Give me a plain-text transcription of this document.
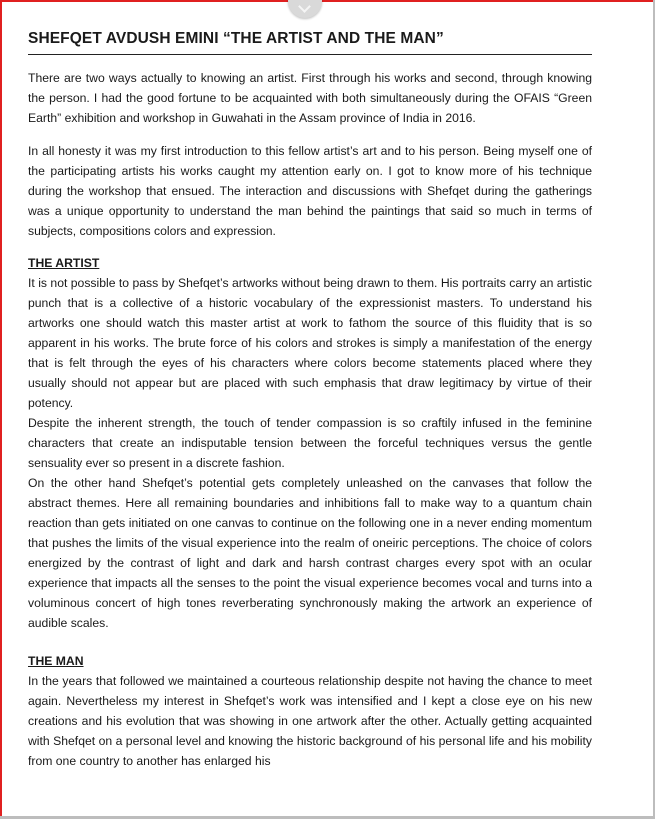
SHEFQET AVDUSH EMINI “THE ARTIST AND THE MAN”

There are two ways actually to knowing an artist. First through his works and second, through knowing the person. I had the good fortune to be acquainted with both simultaneously during the OFAIS “Green Earth” exhibition and workshop in Guwahati in the Assam province of India in 2016.

In all honesty it was my first introduction to this fellow artist’s art and to his person. Being myself one of the participating artists his works caught my attention early on. I got to know more of his technique during the workshop that ensued. The interaction and discussions with Shefqet during the gatherings was a unique opportunity to understand the man behind the paintings that said so much in terms of subjects, compositions colors and expression.

THE ARTIST

It is not possible to pass by Shefqet’s artworks without being drawn to them. His portraits carry an artistic punch that is a collective of a historic vocabulary of the expressionist masters. To understand his artworks one should watch this master artist at work to fathom the source of this fluidity that is so apparent in his works. The brute force of his colors and strokes is simply a manifestation of the energy that is felt through the eyes of his characters where colors become statements placed where they usually should not appear but are placed with such emphasis that draw legitimacy by virtue of their potency.

Despite the inherent strength, the touch of tender compassion is so craftily infused in the feminine characters that create an indisputable tension between the forceful techniques versus the gentle sensuality ever so present in a discrete fashion.

On the other hand Shefqet’s potential gets completely unleashed on the canvases that follow the abstract themes. Here all remaining boundaries and inhibitions fall to make way to a quantum chain reaction than gets initiated on one canvas to continue on the following one in a never ending momentum that pushes the limits of the visual experience into the realm of oneiric perceptions. The choice of colors energized by the contrast of light and dark and harsh contrast charges every spot with an ocular experience that impacts all the senses to the point the visual experience becomes vocal and turns into a voluminous concert of high tones reverberating synchronously making the artwork an experience of audible scales.

THE MAN

In the years that followed we maintained a courteous relationship despite not having the chance to meet again. Nevertheless my interest in Shefqet’s work was intensified and I kept a close eye on his new creations and his evolution that was showing in one artwork after the other. Actually getting acquainted with Shefqet on a personal level and knowing the historic background of his personal life and his mobility from one country to another has enlarged his
